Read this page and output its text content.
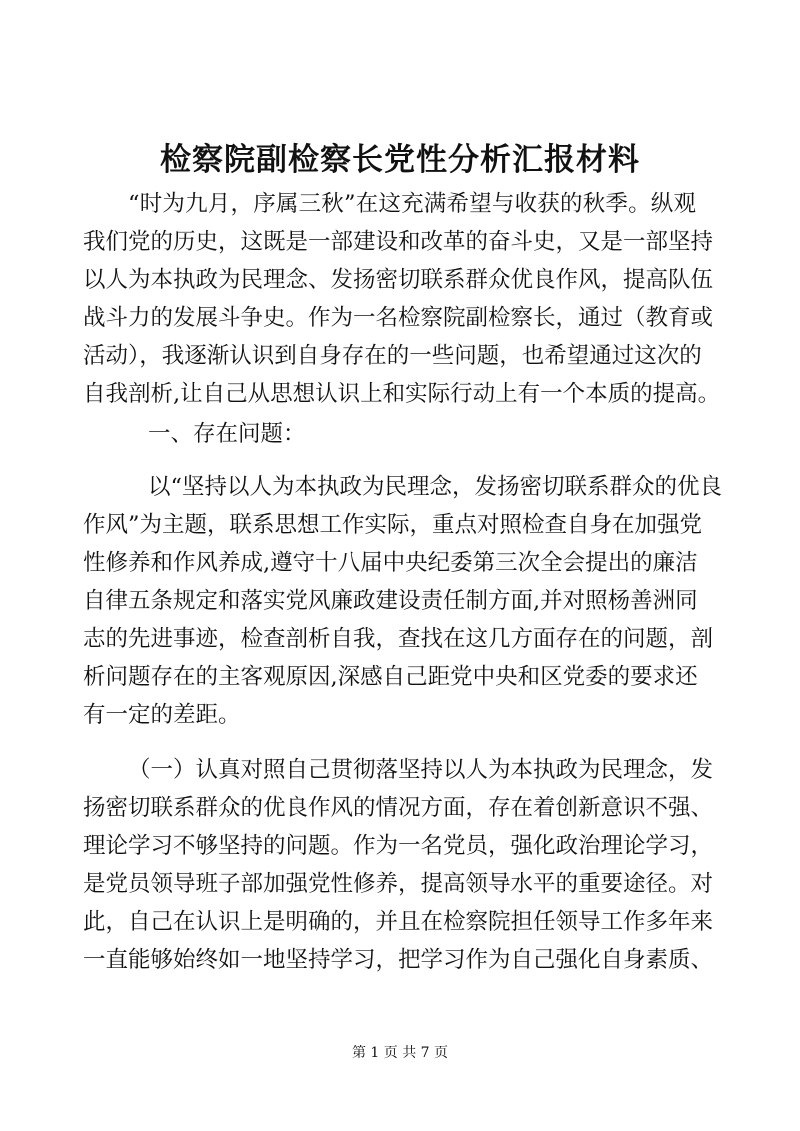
检察院副检察长党性分析汇报材料
“时为九月，序属三秋”在这充满希望与收获的秋季。纵观
我们党的历史，这既是一部建设和改革的奋斗史，又是一部坚持
以人为本执政为民理念、发扬密切联系群众优良作风，提高队伍
战斗力的发展斗争史。作为一名检察院副检察长，通过（教育或
活动），我逐渐认识到自身存在的一些问题，也希望通过这次的
自我剖析,让自己从思想认识上和实际行动上有一个本质的提高。
一、存在问题：
以“坚持以人为本执政为民理念，发扬密切联系群众的优良
作风”为主题，联系思想工作实际，重点对照检查自身在加强党
性修养和作风养成,遵守十八届中央纪委第三次全会提出的廉洁
自律五条规定和落实党风廉政建设责任制方面,并对照杨善洲同
志的先进事迹，检查剖析自我，查找在这几方面存在的问题，剖
析问题存在的主客观原因,深感自己距党中央和区党委的要求还
有一定的差距。
（一）认真对照自己贯彻落坚持以人为本执政为民理念，发
扬密切联系群众的优良作风的情况方面，存在着创新意识不强、
理论学习不够坚持的问题。作为一名党员，强化政治理论学习，
是党员领导班子部加强党性修养，提高领导水平的重要途径。对
此，自己在认识上是明确的，并且在检察院担任领导工作多年来
一直能够始终如一地坚持学习，把学习作为自己强化自身素质、
第 1 页 共 7 页
